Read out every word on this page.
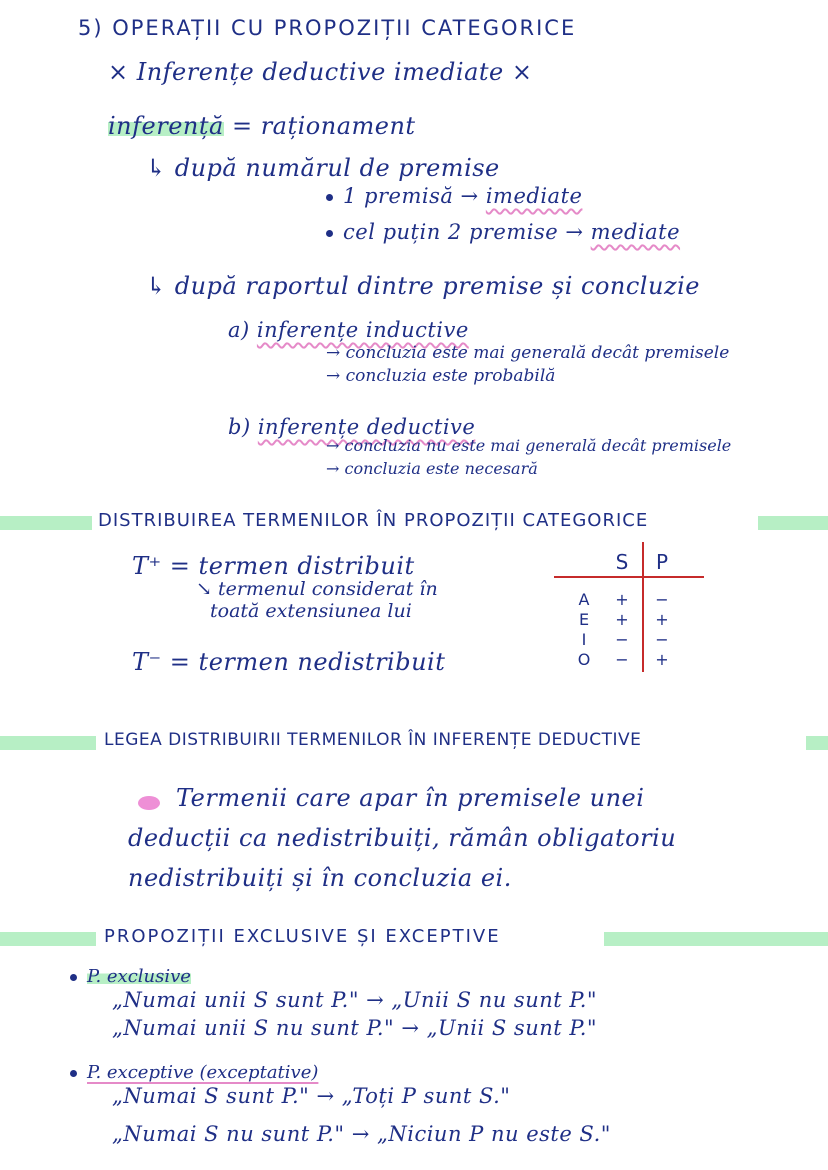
5) OPERAȚII CU PROPOZIȚII CATEGORICE
× Inferențe deductive imediate ×
inferență = raționament
↳ după numărul de premise
1 premisă → imediate
cel puțin 2 premise → mediate
↳ după raportul dintre premise și concluzie
a) inferențe inductive
→ concluzia este mai generală decât premisele
→ concluzia este probabilă
b) inferențe deductive
→ concluzia nu este mai generală decât premisele
→ concluzia este necesară
DISTRIBUIREA TERMENILOR ÎN PROPOZIȚII CATEGORICE
T⁺ = termen distribuit
↘ termenul considerat în
toată extensiunea lui
T⁻ = termen nedistribuit
S P
A + −
E	+ +
I	− −
O − +
LEGEA DISTRIBUIRII TERMENILOR ÎN INFERENȚE DEDUCTIVE
Termenii care apar în premisele unei
deducții ca nedistribuiți, rămân obligatoriu
nedistribuiți și în concluzia ei.
PROPOZIȚII EXCLUSIVE ȘI EXCEPTIVE
P. exclusive
„Numai unii S sunt P." → „Unii S nu sunt P."
„Numai unii S nu sunt P." → „Unii S sunt P."
P. exceptive (exceptative)
„Numai S sunt P." → „Toți P sunt S."
„Numai S nu sunt P." → „Niciun P nu este S."
